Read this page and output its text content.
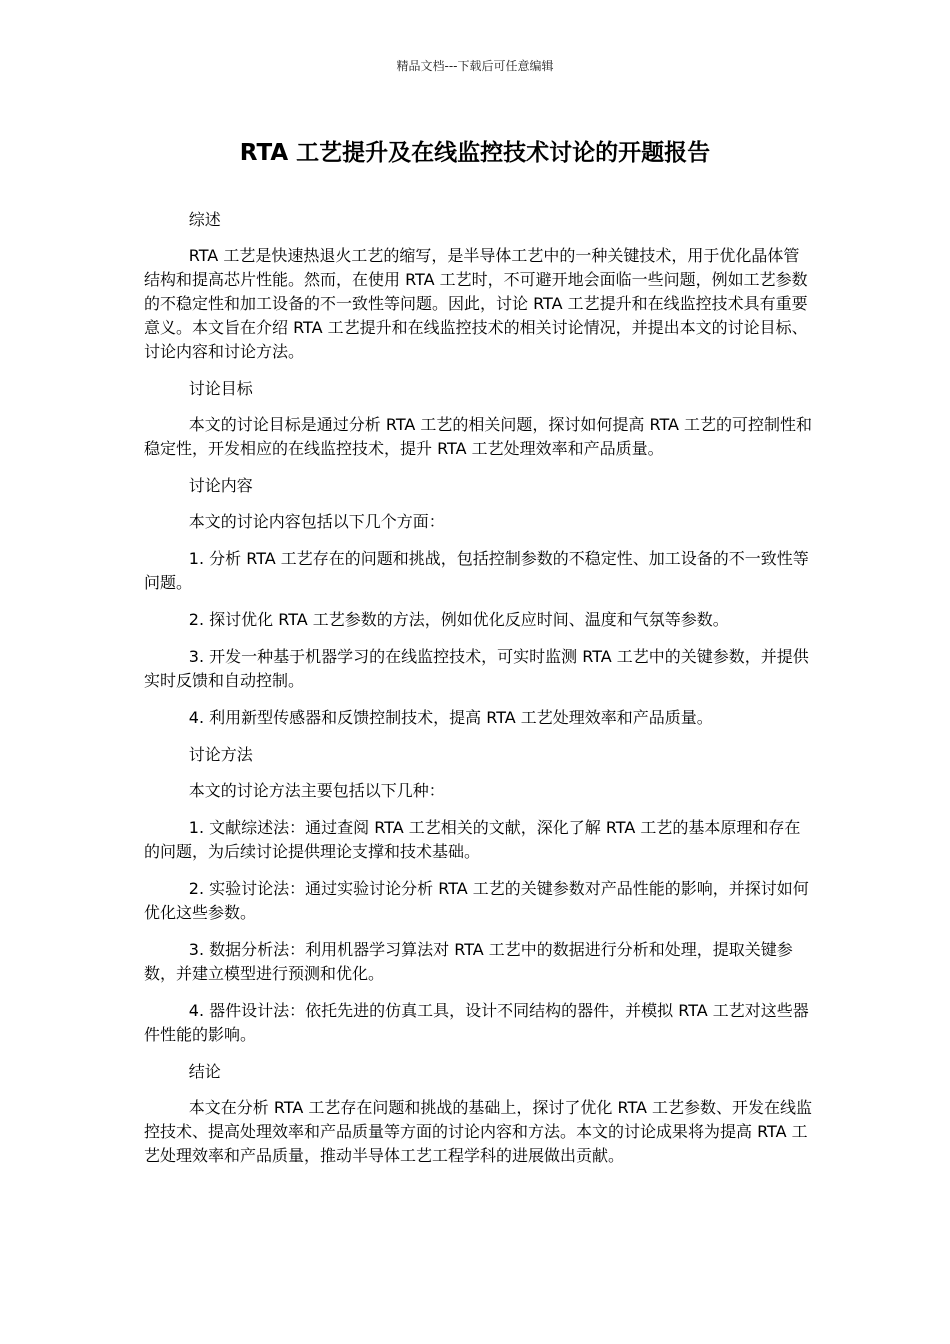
精品文档---下载后可任意编辑
RTA 工艺提升及在线监控技术讨论的开题报告

综述

RTA 工艺是快速热退火工艺的缩写，是半导体工艺中的一种关键技术，用于优化晶体管结构和提高芯片性能。然而，在使用 RTA 工艺时，不可避开地会面临一些问题，例如工艺参数的不稳定性和加工设备的不一致性等问题。因此，讨论 RTA 工艺提升和在线监控技术具有重要意义。本文旨在介绍 RTA 工艺提升和在线监控技术的相关讨论情况，并提出本文的讨论目标、讨论内容和讨论方法。

讨论目标

本文的讨论目标是通过分析 RTA 工艺的相关问题，探讨如何提高 RTA 工艺的可控制性和稳定性，开发相应的在线监控技术，提升 RTA 工艺处理效率和产品质量。

讨论内容

本文的讨论内容包括以下几个方面：

1. 分析 RTA 工艺存在的问题和挑战，包括控制参数的不稳定性、加工设备的不一致性等问题。

2. 探讨优化 RTA 工艺参数的方法，例如优化反应时间、温度和气氛等参数。

3. 开发一种基于机器学习的在线监控技术，可实时监测 RTA 工艺中的关键参数，并提供实时反馈和自动控制。

4. 利用新型传感器和反馈控制技术，提高 RTA 工艺处理效率和产品质量。

讨论方法

本文的讨论方法主要包括以下几种：

1. 文献综述法：通过查阅 RTA 工艺相关的文献，深化了解 RTA 工艺的基本原理和存在的问题，为后续讨论提供理论支撑和技术基础。

2. 实验讨论法：通过实验讨论分析 RTA 工艺的关键参数对产品性能的影响，并探讨如何优化这些参数。

3. 数据分析法：利用机器学习算法对 RTA 工艺中的数据进行分析和处理，提取关键参数，并建立模型进行预测和优化。

4. 器件设计法：依托先进的仿真工具，设计不同结构的器件，并模拟 RTA 工艺对这些器件性能的影响。

结论

本文在分析 RTA 工艺存在问题和挑战的基础上，探讨了优化 RTA 工艺参数、开发在线监控技术、提高处理效率和产品质量等方面的讨论内容和方法。本文的讨论成果将为提高 RTA 工艺处理效率和产品质量，推动半导体工艺工程学科的进展做出贡献。
